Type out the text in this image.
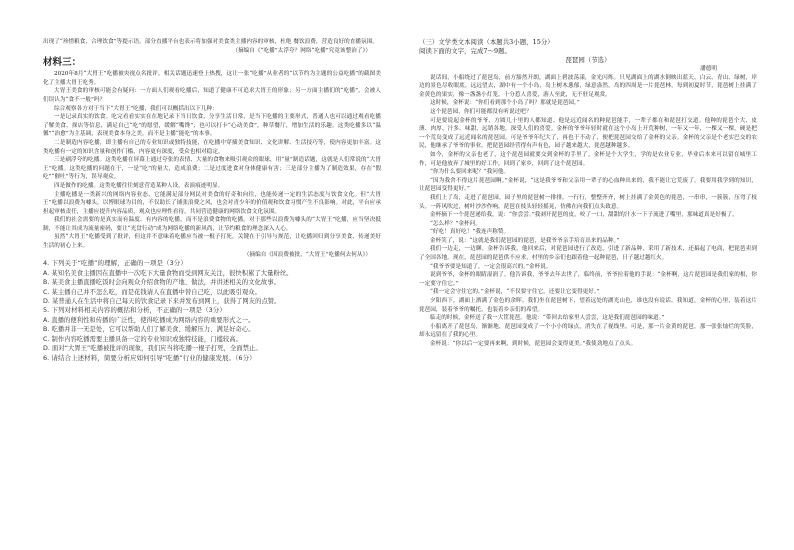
出现了“珍惜粮食，合理饮食”等提示语。部分直播平台也表示将加强对美食类主播内容的审核，杜绝 餐饮浪费，营造良好的直播氛围。

（摘编自《“吃播”太浮夸？网络“吃播”究竟该整治了》）

材料三：

2020年8月“大胃王”吃播被央视点名批评，相关话题迅速登上热搜，这让一张“吃播”从业者的“以节约为主题的公益吃播”的截图美化了主播大胃王吃秀。

大胃王美食的审核可能会有疑问：一方面人们观看吃播后，知道了健康不可追求大胃王的形象；另一方面主播们的“吃播”，会被人们误认为“食不一般”吗？

综合观察各方对于当下“大胃王”吃播，我们可以概括出以下几种：

一是记录真实的饮食。吃完看看实实在在地记录下当日饮食，分享生活日常，是当下吃播的主要形式，普通人也可以通过观看吃播了解美食、探店等信息，满足自己“吃”的愿望，缓解“嘴馋”；也可以打卡“心动美食”，种草餐厅，增加生活的乐趣。这类吃播多以“温馨”“治愈”为主基调，表现美食本身之美，而不是主播“能吃”的本事。

二是制造内容吃播，即主播有自己的专业知识或独特技能，在吃播中穿插美食知识、文化讲解、生活技巧等，使内容更加丰富。这类吃播有一定的知识含量和创作门槛，内容更有深度，受众也相对稳定。

三是刷浮夸的吃播。这类吃播在屏幕上通过夸张的表情、大量的食物来吸引观众的眼球，用“量”制造话题，这就是人们常说的“大胃王”吃播。这类吃播的问题在于，一是“吃”的量大，造成浪费；二是过度进食对身体健康有害；三是部分主播为了制造效果，存在“假吃”“催吐”等行为，误导观众。

四是做作的吃播。这类吃播往往刻意营造某种人设，表演痕迹明显。

主播吃播是一类新兴的网络内容业态，它能满足部分网民对美食的好奇和向往，也能传递一定的生活态度与饮食文化。但“大胃王”吃播以浪费为噱头，以博眼球为目的，不仅助长了铺张浪费之风，也会对青少年的价值观和饮食习惯产生不良影响。对此，平台应承担起审核责任，主播应提升内容品质，观众也应理性看待，共同营造健康的网络饮食文化氛围。

我们的社会需要的是真实而有温度、有内容的吃播，而不是浪费食物的吃播。对于那些以浪费为噱头的“大胃王”吃播，应当坚决抵制，不能让其成为流量密码，要让“光盘行动”成为网络吃播的新风尚，让节约粮食的理念深入人心。

虽然“大胃王”吃播受到了批评，但这并不意味着吃播应当被一棍子打死，关键在于引导与规范，让吃播回归到分享美食、传递美好生活的初心上来。

（摘编自《因浪费被批，“大胃王”吃播何去何从》）

4. 下列关于“吃播”的理解，正确的一项是（3分）

A. 某知名美食主播因在直播中一次吃下大量食物而受到网友关注，很快积累了大量粉丝。

B. 某美食主播直播吃饭时会向观众介绍食物的产地、做法，并讲述相关的文化故事。

C. 某主播自己并不怎么吃，而是花钱请人在直播中替自己吃，以此吸引观众。

D. 某普通人在生活中将自己每天的饮食记录下来并发布到网上，获得了网友的点赞。

5. 下列对材料相关内容的概括和分析，不正确的一项是（3分）

A. 直播的便利性和传播的广泛性，使得吃播成为网络内容的重要形式之一。

B. 吃播并非一无是处，它可以帮助人们了解美食、缓解压力、满足好奇心。

C. 制作内容吃播需要主播具备一定的专业知识或独特技能，门槛较高。

D. 面对“大胃王”吃播被批评的现象，我们应当将吃播一棍子打死，全面禁止。

6. 请结合上述材料，简要分析应如何引导“吃播”行业的健康发展。（6分）

（三）文学类文本阅读（本题共3小题，15分）

阅读下面的文字，完成7～9题。

琵琶园（节选）

潘德明

说话间，小船绕过了琵琶岛，前方豁然开朗，湖面上碧波荡漾，金光闪烁。只见湖面上的湖水倒映出蓝天、白云、青山、绿树，岸边的景色尽收眼底。远远望去，湖中有一个小岛，岛上树木葱郁，绿意盎然，岛的四周是一片琵琶林，每到初夏时节，琵琶树上挂满了金黄色的果实，像一盏盏小灯笼，十分惹人喜爱，游人至此，无不驻足观赏。

这时候，金杯说：“你们看到那个小岛了吗？那就是琵琶园。”

这个琵琶园，你们可能都没有听说过吧？

可是要说起金杯的爷爷，方圆几十里的人都知道。他是远近闻名的种琵琶能手，一辈子都在和琵琶打交道。他种的琵琶个大、皮薄、肉厚、汁多、味甜，远销各地，深受人们的喜爱。金杯的爷爷年轻时就在这个小岛上开荒种树，一年又一年，一棵又一棵，硬是把一个荒岛变成了远近闻名的琵琶园。可是爷爷年纪大了，再也干不动了，便把琵琶园交给了金杯的父亲。金杯的父亲是个老实巴交的农民，他继承了爷爷的事业，把琵琶园经营得有声有色，园子越来越大，琵琶越种越多。

如今，金杯的父亲也老了，这个琵琶园就要交到金杯的手里了。金杯是个大学生，学的是农业专业，毕业后本来可以留在城里工作，可是他放弃了城里的好工作，回到了家乡，回到了这个琵琶园。

“你为什么要回来呢？”我问他。

“因为我舍不得这片琵琶园啊。”金杯说，“这是我爷爷和父亲用一辈子的心血种出来的，我不能让它荒废了。我要用我学到的知识，让琵琶园变得更好。”

我们上了岛，走进了琵琶园。园子里的琵琶树一排排，一行行，整整齐齐，树上挂满了金黄色的琵琶，一串串，一簇簇，压弯了枝头。一阵风吹过，树叶沙沙作响，琵琶在枝头轻轻摇晃，仿佛在向我们点头致意。

金杯摘下一个琵琶递给我，说：“你尝尝。”我剥开琵琶的皮，咬了一口，甜甜的汁水一下子流进了嘴里，那味道真是好极了。

“怎么样？”金杯问。

“好吃！真好吃！”我连声称赞。

金杯笑了，说：“这就是我们琵琶园的琵琶，是我爷爷亲手培育出来的品种。”

我们一边走，一边聊。金杯告诉我，他回来后，对琵琶园进行了改造，引进了新品种，采用了新技术，还搞起了电商，把琵琶卖到了全国各地。现在，琵琶园的琵琶供不应求，村里的乡亲们也跟着他一起种琵琶，日子越过越红火。

“我爷爷要是知道了，一定会很高兴的。”金杯说。

说到爷爷，金杯的眼睛湿润了。他告诉我，爷爷去年去世了，临终前，爷爷拉着他的手说：“金杯啊，这片琵琶园是我们家的根，你一定要守住它。”

“我一定会守住它的。”金杯说，“不仅要守住它，还要让它变得更好。”

夕阳西下，湖面上洒满了金色的余晖。我们坐在琵琶树下，望着远处的湖光山色，谁也没有说话。我知道，金杯的心里，装着这片琵琶园，装着爷爷的嘱托，也装着乡亲们的希望。

临走的时候，金杯送了我一大筐琵琶。他说：“带回去给家里人尝尝，这是我们琵琶园的味道。”

小船离开了琵琶岛，渐渐地，琵琶园变成了一个小小的绿点，消失在了视线里。可是，那一片金黄的琵琶，那一张张灿烂的笑脸，却永远留在了我的心里。

金杯说：“你以后一定要再来啊，到时候，琵琶园会变得更美。”我使劲地点了点头。
